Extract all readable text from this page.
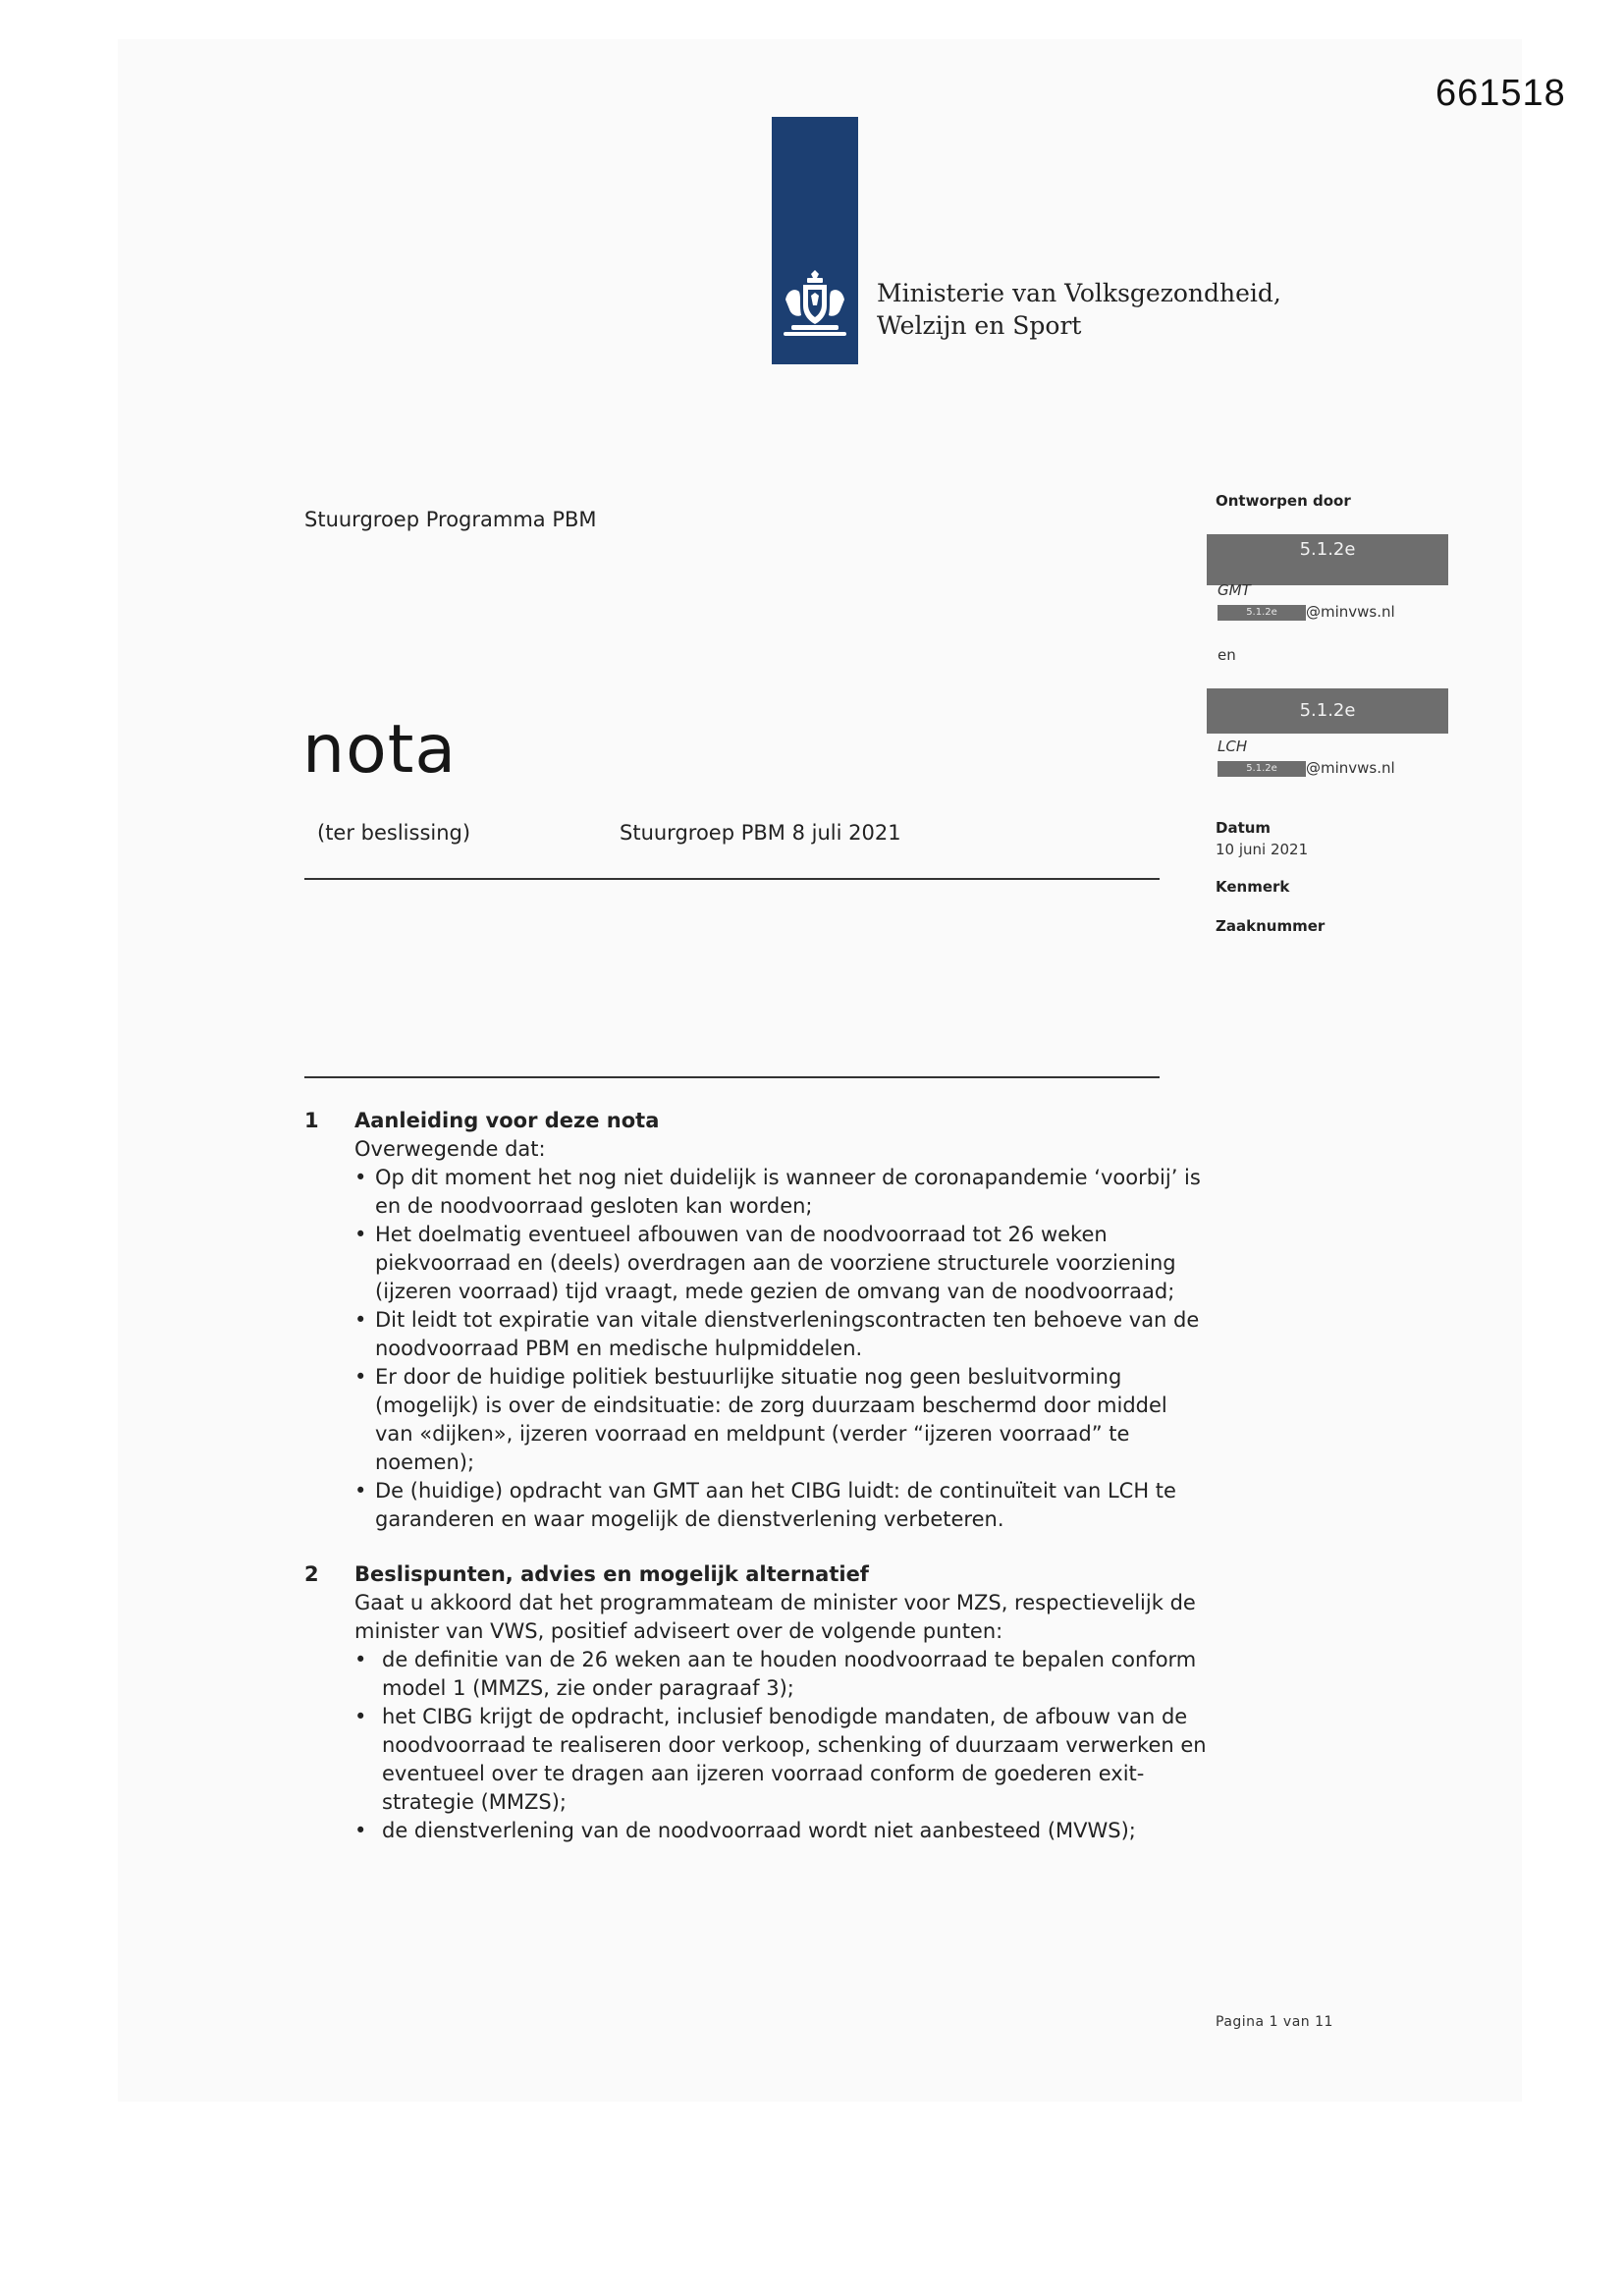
661518
Ministerie van Volksgezondheid,
Welzijn en Sport
Stuurgroep Programma PBM
nota
(ter beslissing)	Stuurgroep PBM 8 juli 2021
Ontworpen door
5.1.2e
GMT
5.1.2e	@minvws.nl
en
5.1.2e
LCH
5.1.2e	@minvws.nl
Datum
10 juni 2021
Kenmerk
Zaaknummer
1 Aanleiding voor deze nota
Overwegende dat:
• Op dit moment het nog niet duidelijk is wanneer de coronapandemie ‘voorbij’ is en de noodvoorraad gesloten kan worden;
• Het doelmatig eventueel afbouwen van de noodvoorraad tot 26 weken piekvoorraad en (deels) overdragen aan de voorziene structurele voorziening (ijzeren voorraad) tijd vraagt, mede gezien de omvang van de noodvoorraad;
• Dit leidt tot expiratie van vitale dienstverleningscontracten ten behoeve van de noodvoorraad PBM en medische hulpmiddelen.
• Er door de huidige politiek bestuurlijke situatie nog geen besluitvorming (mogelijk) is over de eindsituatie: de zorg duurzaam beschermd door middel van «dijken», ijzeren voorraad en meldpunt (verder “ijzeren voorraad” te noemen);
• De (huidige) opdracht van GMT aan het CIBG luidt: de continuïteit van LCH te garanderen en waar mogelijk de dienstverlening verbeteren.
2 Beslispunten, advies en mogelijk alternatief
Gaat u akkoord dat het programmateam de minister voor MZS, respectievelijk de minister van VWS, positief adviseert over de volgende punten:
• de definitie van de 26 weken aan te houden noodvoorraad te bepalen conform model 1 (MMZS, zie onder paragraaf 3);
• het CIBG krijgt de opdracht, inclusief benodigde mandaten, de afbouw van de noodvoorraad te realiseren door verkoop, schenking of duurzaam verwerken en eventueel over te dragen aan ijzeren voorraad conform de goederen exit-strategie (MMZS);
• de dienstverlening van de noodvoorraad wordt niet aanbesteed (MVWS);
Pagina 1 van 11
